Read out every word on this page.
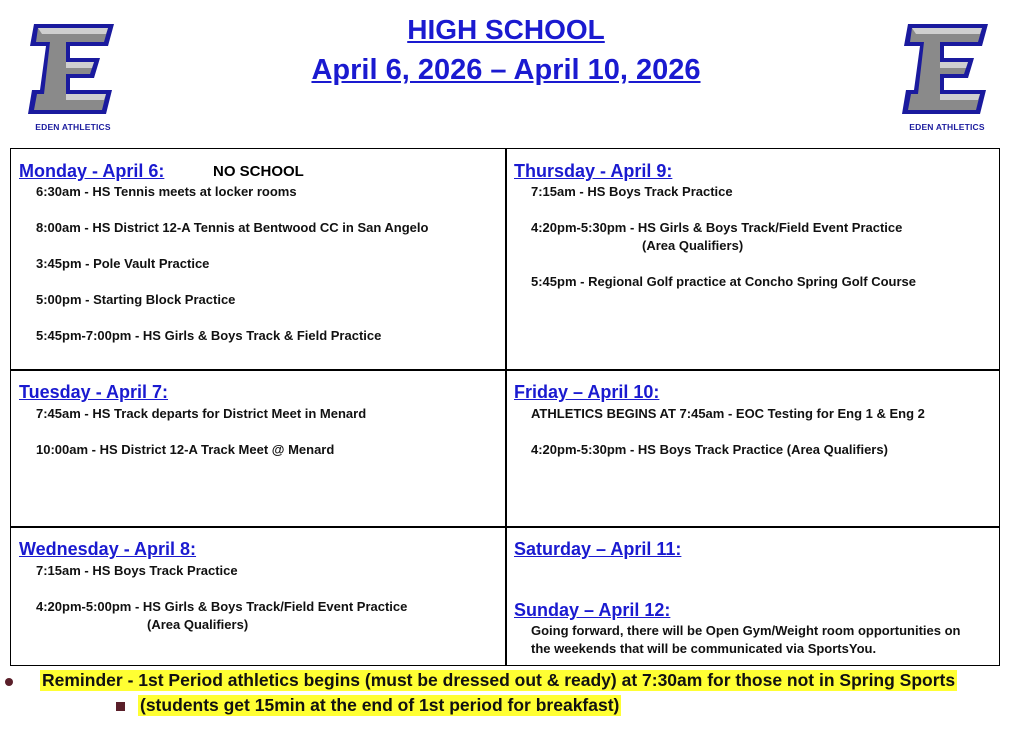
EDEN ATHLETICS	EDEN ATHLETICS
HIGH SCHOOL
April 6, 2026 – April 10, 2026
Monday - April 6:	NO SCHOOL
6:30am - HS Tennis meets at locker rooms
8:00am - HS District 12-A Tennis at Bentwood CC in San Angelo
3:45pm - Pole Vault Practice
5:00pm - Starting Block Practice
5:45pm-7:00pm - HS Girls & Boys Track & Field Practice
Thursday - April 9:
7:15am - HS Boys Track Practice
4:20pm-5:30pm - HS Girls & Boys Track/Field Event Practice
(Area Qualifiers)
5:45pm - Regional Golf practice at Concho Spring Golf Course
Tuesday - April 7:
7:45am - HS Track departs for District Meet in Menard
10:00am - HS District 12-A Track Meet @ Menard
Friday – April 10:
ATHLETICS BEGINS AT 7:45am - EOC Testing for Eng 1 & Eng 2
4:20pm-5:30pm - HS Boys Track Practice (Area Qualifiers)
Wednesday - April 8:
7:15am - HS Boys Track Practice
4:20pm-5:00pm - HS Girls & Boys Track/Field Event Practice
(Area Qualifiers)
Saturday – April 11:
Sunday – April 12:
Going forward, there will be Open Gym/Weight room opportunities on the weekends that will be communicated via SportsYou.
Reminder - 1st Period athletics begins (must be dressed out & ready) at 7:30am for those not in Spring Sports
(students get 15min at the end of 1st period for breakfast)
